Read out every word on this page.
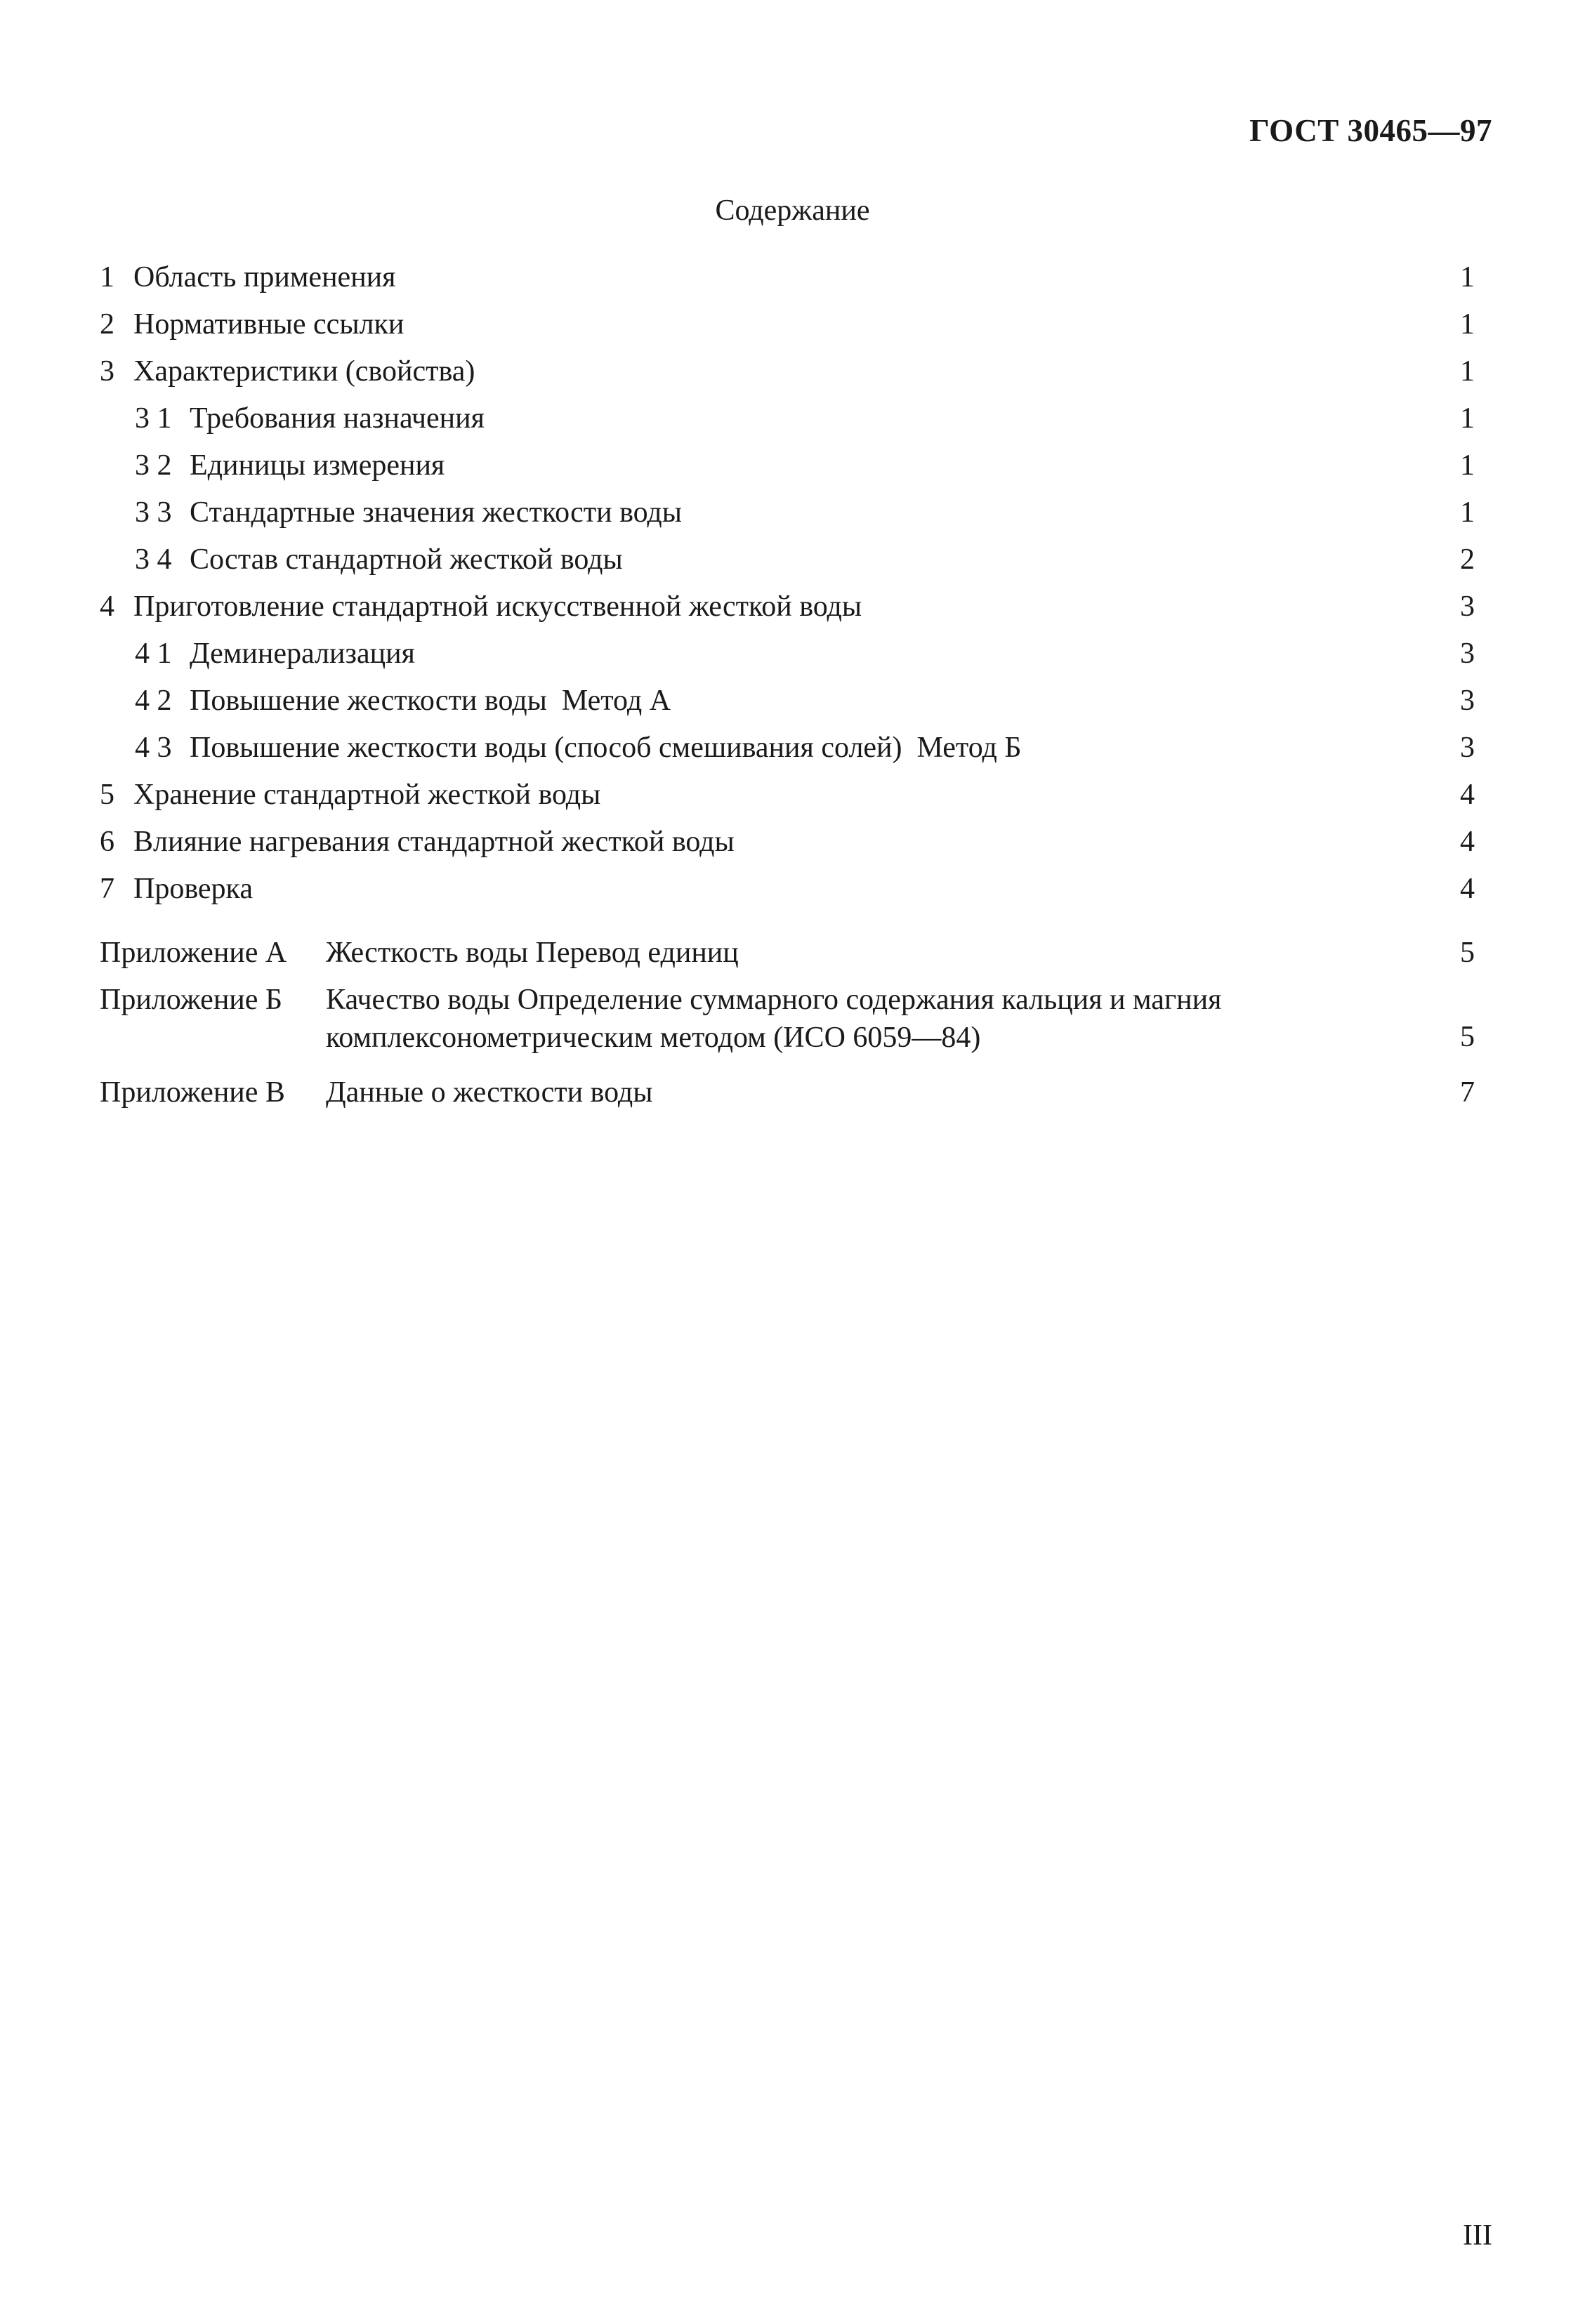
ГОСТ 30465—97
Содержание
1 Область применения	1
2 Нормативные ссылки	1
3 Характеристики (свойства)	1
3 1 Требования назначения	1
3 2 Единицы измерения	1
3 3 Стандартные значения жесткости воды	1
3 4 Состав стандартной жесткой воды	2
4 Приготовление стандартной искусственной жесткой воды	3
4 1 Деминерализация	3
4 2 Повышение жесткости воды  Метод А	3
4 3 Повышение жесткости воды (способ смешивания солей)  Метод Б	3
5 Хранение стандартной жесткой воды	4
6 Влияние нагревания стандартной жесткой воды	4
7 Проверка	4
Приложение А Жесткость воды Перевод единиц	5
Приложение Б Качество воды Определение суммарного содержания кальция и магния
комплексонометрическим методом (ИСО 6059—84)	5
Приложение В Данные о жесткости воды	7
III
